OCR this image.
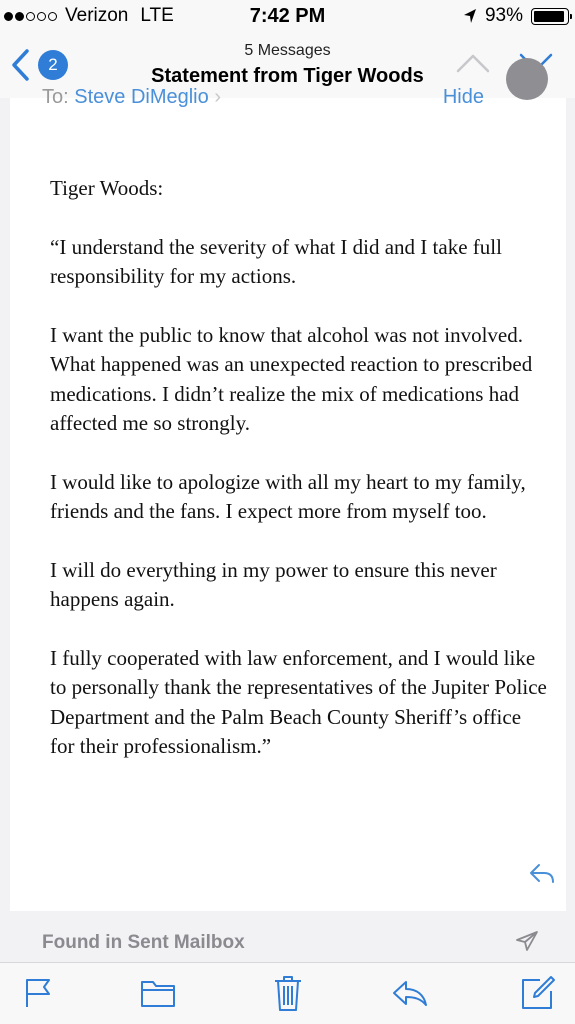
Verizon LTE	7:42 PM	93%
2
5 Messages
Statement from Tiger Woods
To: Steve DiMeglio ›	Hide

Tiger Woods:

“I understand the severity of what I did and I take full responsibility for my actions.

I want the public to know that alcohol was not involved. What happened was an unexpected reaction to prescribed medications. I didn’t realize the mix of medications had affected me so strongly.

I would like to apologize with all my heart to my family, friends and the fans. I expect more from myself too.

I will do everything in my power to ensure this never happens again.

I fully cooperated with law enforcement, and I would like to personally thank the representatives of the Jupiter Police Department and the Palm Beach County Sheriff’s office for their professionalism.”

Found in Sent Mailbox
